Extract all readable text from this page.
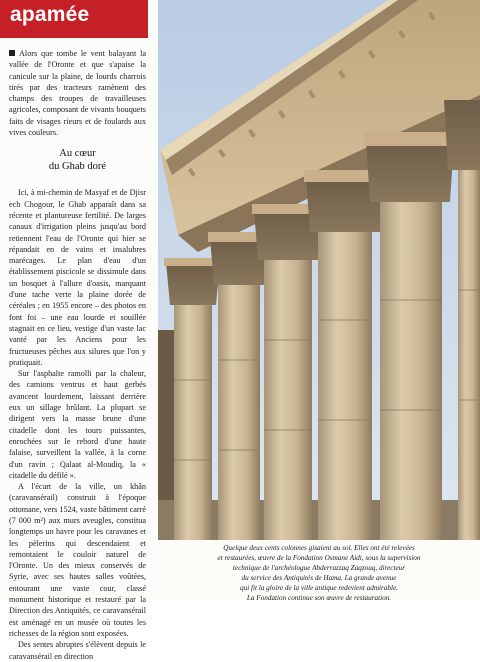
apamée

Alors que tombe le vent balayant la vallée de l'Oronte et que s'apaise la canicule sur la plaine, de lourds charrois tirés par des tracteurs ramènent des champs des troupes de travailleuses agricoles, composant de vivants bouquets faits de visages rieurs et de foulards aux vives couleurs.

Au cœur
du Ghab doré

Ici, à mi-chemin de Masyaf et de Djisr ech Chogour, le Ghab apparaît dans sa récente et plantureuse fertilité. De larges canaux d'irrigation pleins jusqu'au bord retiennent l'eau de l'Oronte qui hier se répandait en de vains et insalubres marécages. Le plan d'eau d'un établissement piscicole se dissimule dans un bosquet à l'allure d'oasis, marquant d'une tache verte la plaine dorée de céréales ; en 1955 encore – des photos en font foi – une eau lourde et souillée stagnait en ce lieu, vestige d'un vaste lac vanté par les Anciens pour les fructueuses pêches aux silures que l'on y pratiquait.

Sur l'asphalte ramolli par la chaleur, des camions ventrus et haut gerbés avancent lourdement, laissant derrière eux un sillage brûlant. La plupart se dirigent vers la masse brune d'une citadelle dont les tours puissantes, enrochées sur le rebord d'une haute falaise, surveillent la vallée, à la corne d'un ravin ; Qalaat al-Moudiq, la « citadelle du défilé ».

A l'écart de la ville, un khân (caravansérail) construit à l'époque ottomane, vers 1524, vaste bâtiment carré (7 000 m²) aux murs aveugles, constitua longtemps un havre pour les caravanes et les pèlerins qui descendaient et remontaient le couloir naturel de l'Oronte. Un des mieux conservés de Syrie, avec ses hautes salles voûtées, entourant une vaste cour, classé monument historique et restauré par la Direction des Antiquités, ce caravansérail est aménagé en un musée où toutes les richesses de la région sont exposées.

Des sentes abruptes s'élèvent depuis le caravansérail en direction

Quelque deux cents colonnes gisaient au sol. Elles ont été relevées
et restaurées, œuvre de la Fondation Osmane Aidi, sous la supervision
technique de l'archéologue Abderrazzaq Zaqzouq, directeur
du service des Antiquités de Hama. La grande avenue
qui fit la gloire de la ville antique redevient admirable.
La Fondation continue son œuvre de restauration.
